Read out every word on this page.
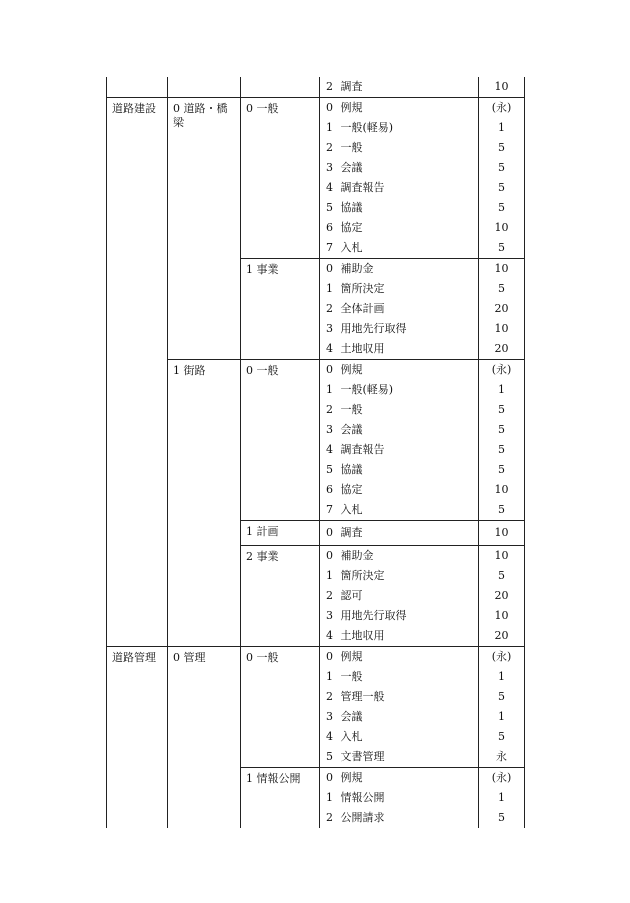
			2 調査	10
道路建設	0 道路・橋梁	0 一般	0 例規	(永)
			1 一般(軽易)	1
			2 一般	5
			3 会議	5
			4 調査報告	5
			5 協議	5
			6 協定	10
			7 入札	5
		1 事業	0 補助金	10
			1 箇所決定	5
			2 全体計画	20
			3 用地先行取得	10
			4 土地収用	20
	1 街路	0 一般	0 例規	(永)
			1 一般(軽易)	1
			2 一般	5
			3 会議	5
			4 調査報告	5
			5 協議	5
			6 協定	10
			7 入札	5
		1 計画	0 調査	10
		2 事業	0 補助金	10
			1 箇所決定	5
			2 認可	20
			3 用地先行取得	10
			4 土地収用	20
道路管理	0 管理	0 一般	0 例規	(永)
			1 一般	1
			2 管理一般	5
			3 会議	1
			4 入札	5
			5 文書管理	永
		1 情報公開	0 例規	(永)
			1 情報公開	1
			2 公開請求	5
